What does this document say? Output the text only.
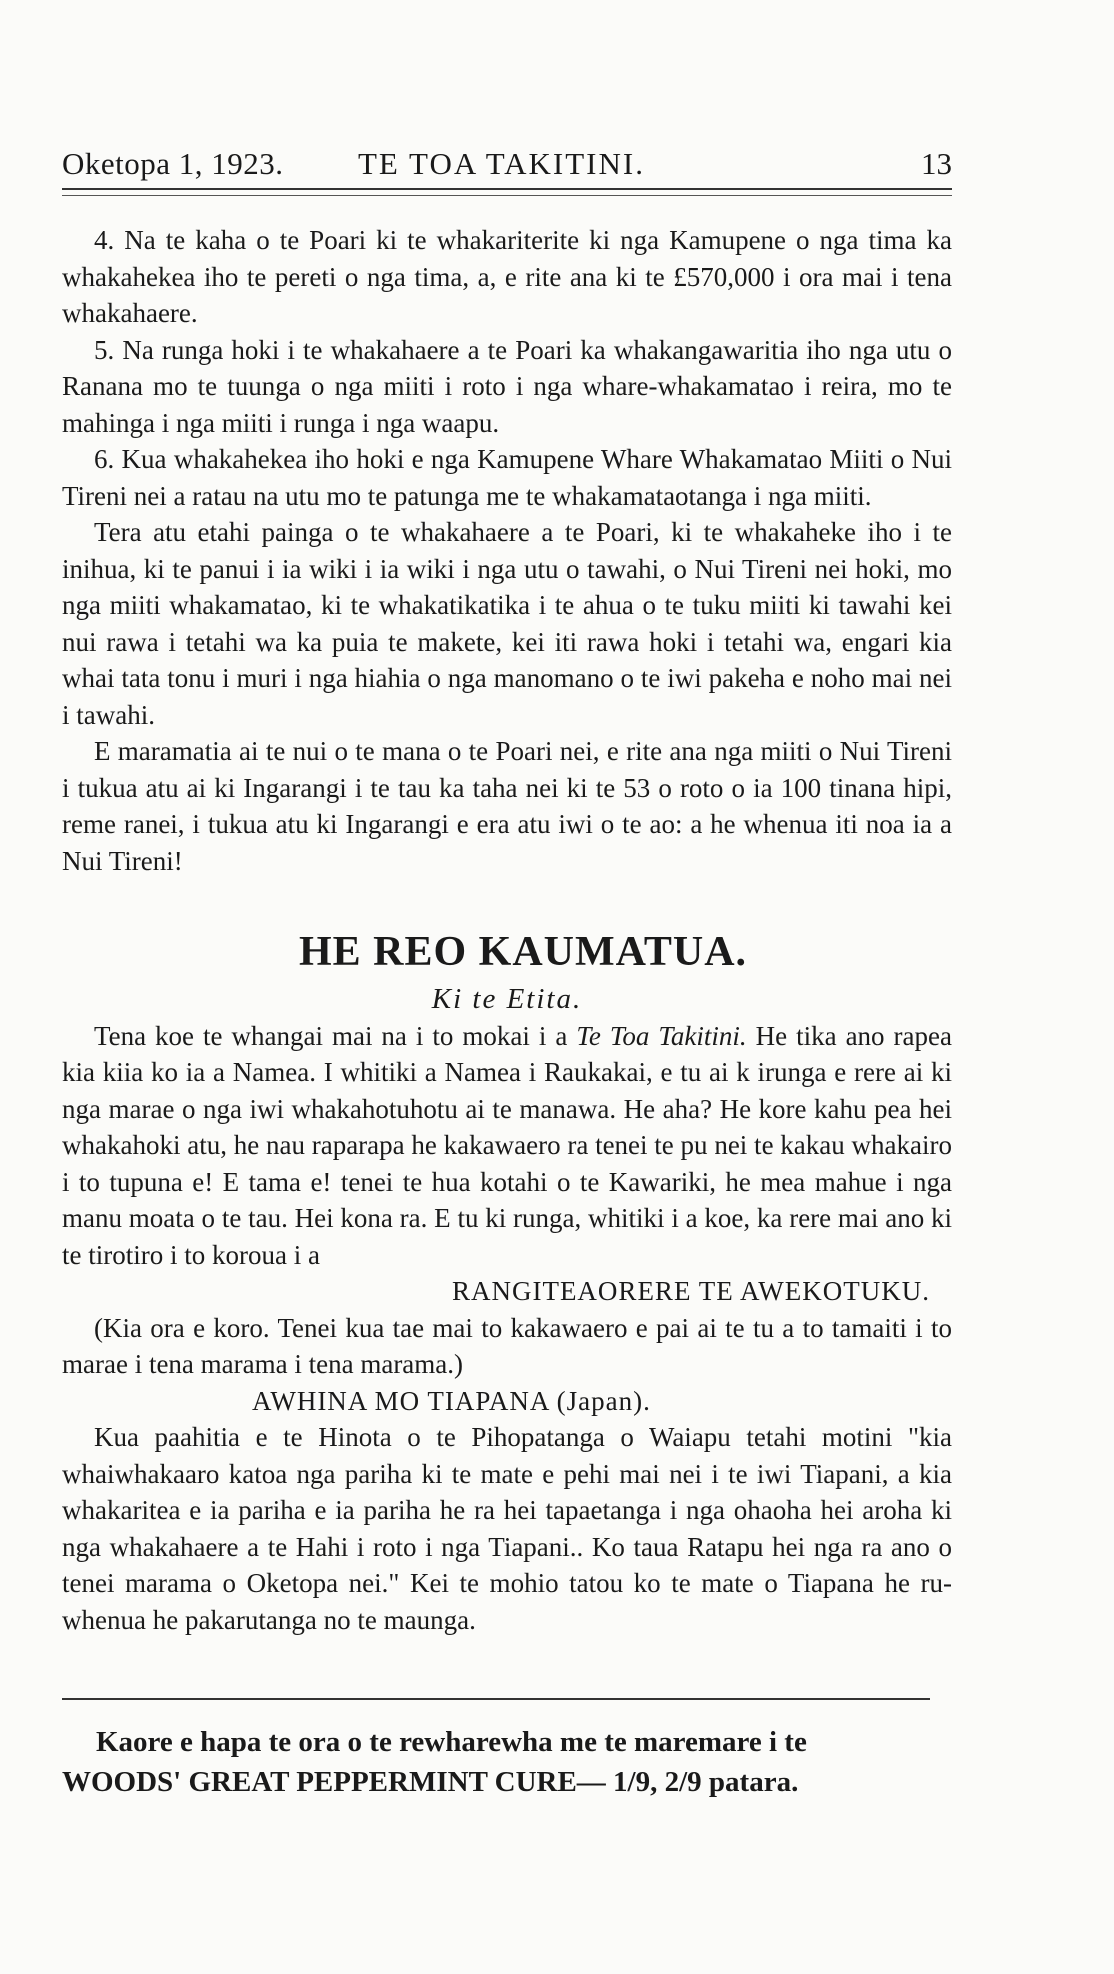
Oketopa 1, 1923. TE TOA TAKITINI.	13

4. Na te kaha o te Poari ki te whakariterite ki nga Kamupene o nga tima ka whakahekea iho te pereti o nga tima, a, e rite ana ki te £570,000 i ora mai i tena whakahaere.

5. Na runga hoki i te whakahaere a te Poari ka whakangawaritia iho nga utu o Ranana mo te tuunga o nga miiti i roto i nga whare-whakamatao i reira, mo te mahinga i nga miiti i runga i nga waapu.

6. Kua whakahekea iho hoki e nga Kamupene Whare Whakamatao Miiti o Nui Tireni nei a ratau na utu mo te patunga me te whakamataotanga i nga miiti.

Tera atu etahi painga o te whakahaere a te Poari, ki te whakaheke iho i te inihua, ki te panui i ia wiki i ia wiki i nga utu o tawahi, o Nui Tireni nei hoki, mo nga miiti whakamatao, ki te whakatikatika i te ahua o te tuku miiti ki tawahi kei nui rawa i tetahi wa ka puia te makete, kei iti rawa hoki i tetahi wa, engari kia whai tata tonu i muri i nga hiahia o nga manomano o te iwi pakeha e noho mai nei i tawahi.

E maramatia ai te nui o te mana o te Poari nei, e rite ana nga miiti o Nui Tireni i tukua atu ai ki Ingarangi i te tau ka taha nei ki te 53 o roto o ia 100 tinana hipi, reme ranei, i tukua atu ki Ingarangi e era atu iwi o te ao: a he whenua iti noa ia a Nui Tireni!

HE REO KAUMATUA.

Ki te Etita.

Tena koe te whangai mai na i to mokai i a Te Toa Takitini. He tika ano rapea kia kiia ko ia a Namea. I whitiki a Namea i Raukakai, e tu ai k irunga e rere ai ki nga marae o nga iwi whakahotuhotu ai te manawa. He aha? He kore kahu pea hei whakahoki atu, he nau raparapa he kakawaero ra tenei te pu nei te kakau whakairo i to tupuna e! E tama e! tenei te hua kotahi o te Kawariki, he mea mahue i nga manu moata o te tau. Hei kona ra. E tu ki runga, whitiki i a koe, ka rere mai ano ki te tirotiro i to koroua i a

RANGITEAORERE TE AWEKOTUKU.

(Kia ora e koro. Tenei kua tae mai to kakawaero e pai ai te tu a to tamaiti i to marae i tena marama i tena marama.)

AWHINA MO TIAPANA (Japan).

Kua paahitia e te Hinota o te Pihopatanga o Waiapu tetahi motini "kia whaiwhakaaro katoa nga pariha ki te mate e pehi mai nei i te iwi Tiapani, a kia whakaritea e ia pariha e ia pariha he ra hei tapaetanga i nga ohaoha hei aroha ki nga whakahaere a te Hahi i roto i nga Tiapani.. Ko taua Ratapu hei nga ra ano o tenei marama o Oketopa nei." Kei te mohio tatou ko te mate o Tiapana he ru-whenua he pakarutanga no te maunga.

Kaore e hapa te ora o te rewharewha me te maremare i te

WOODS' GREAT PEPPERMINT CURE— 1/9, 2/9 patara.
